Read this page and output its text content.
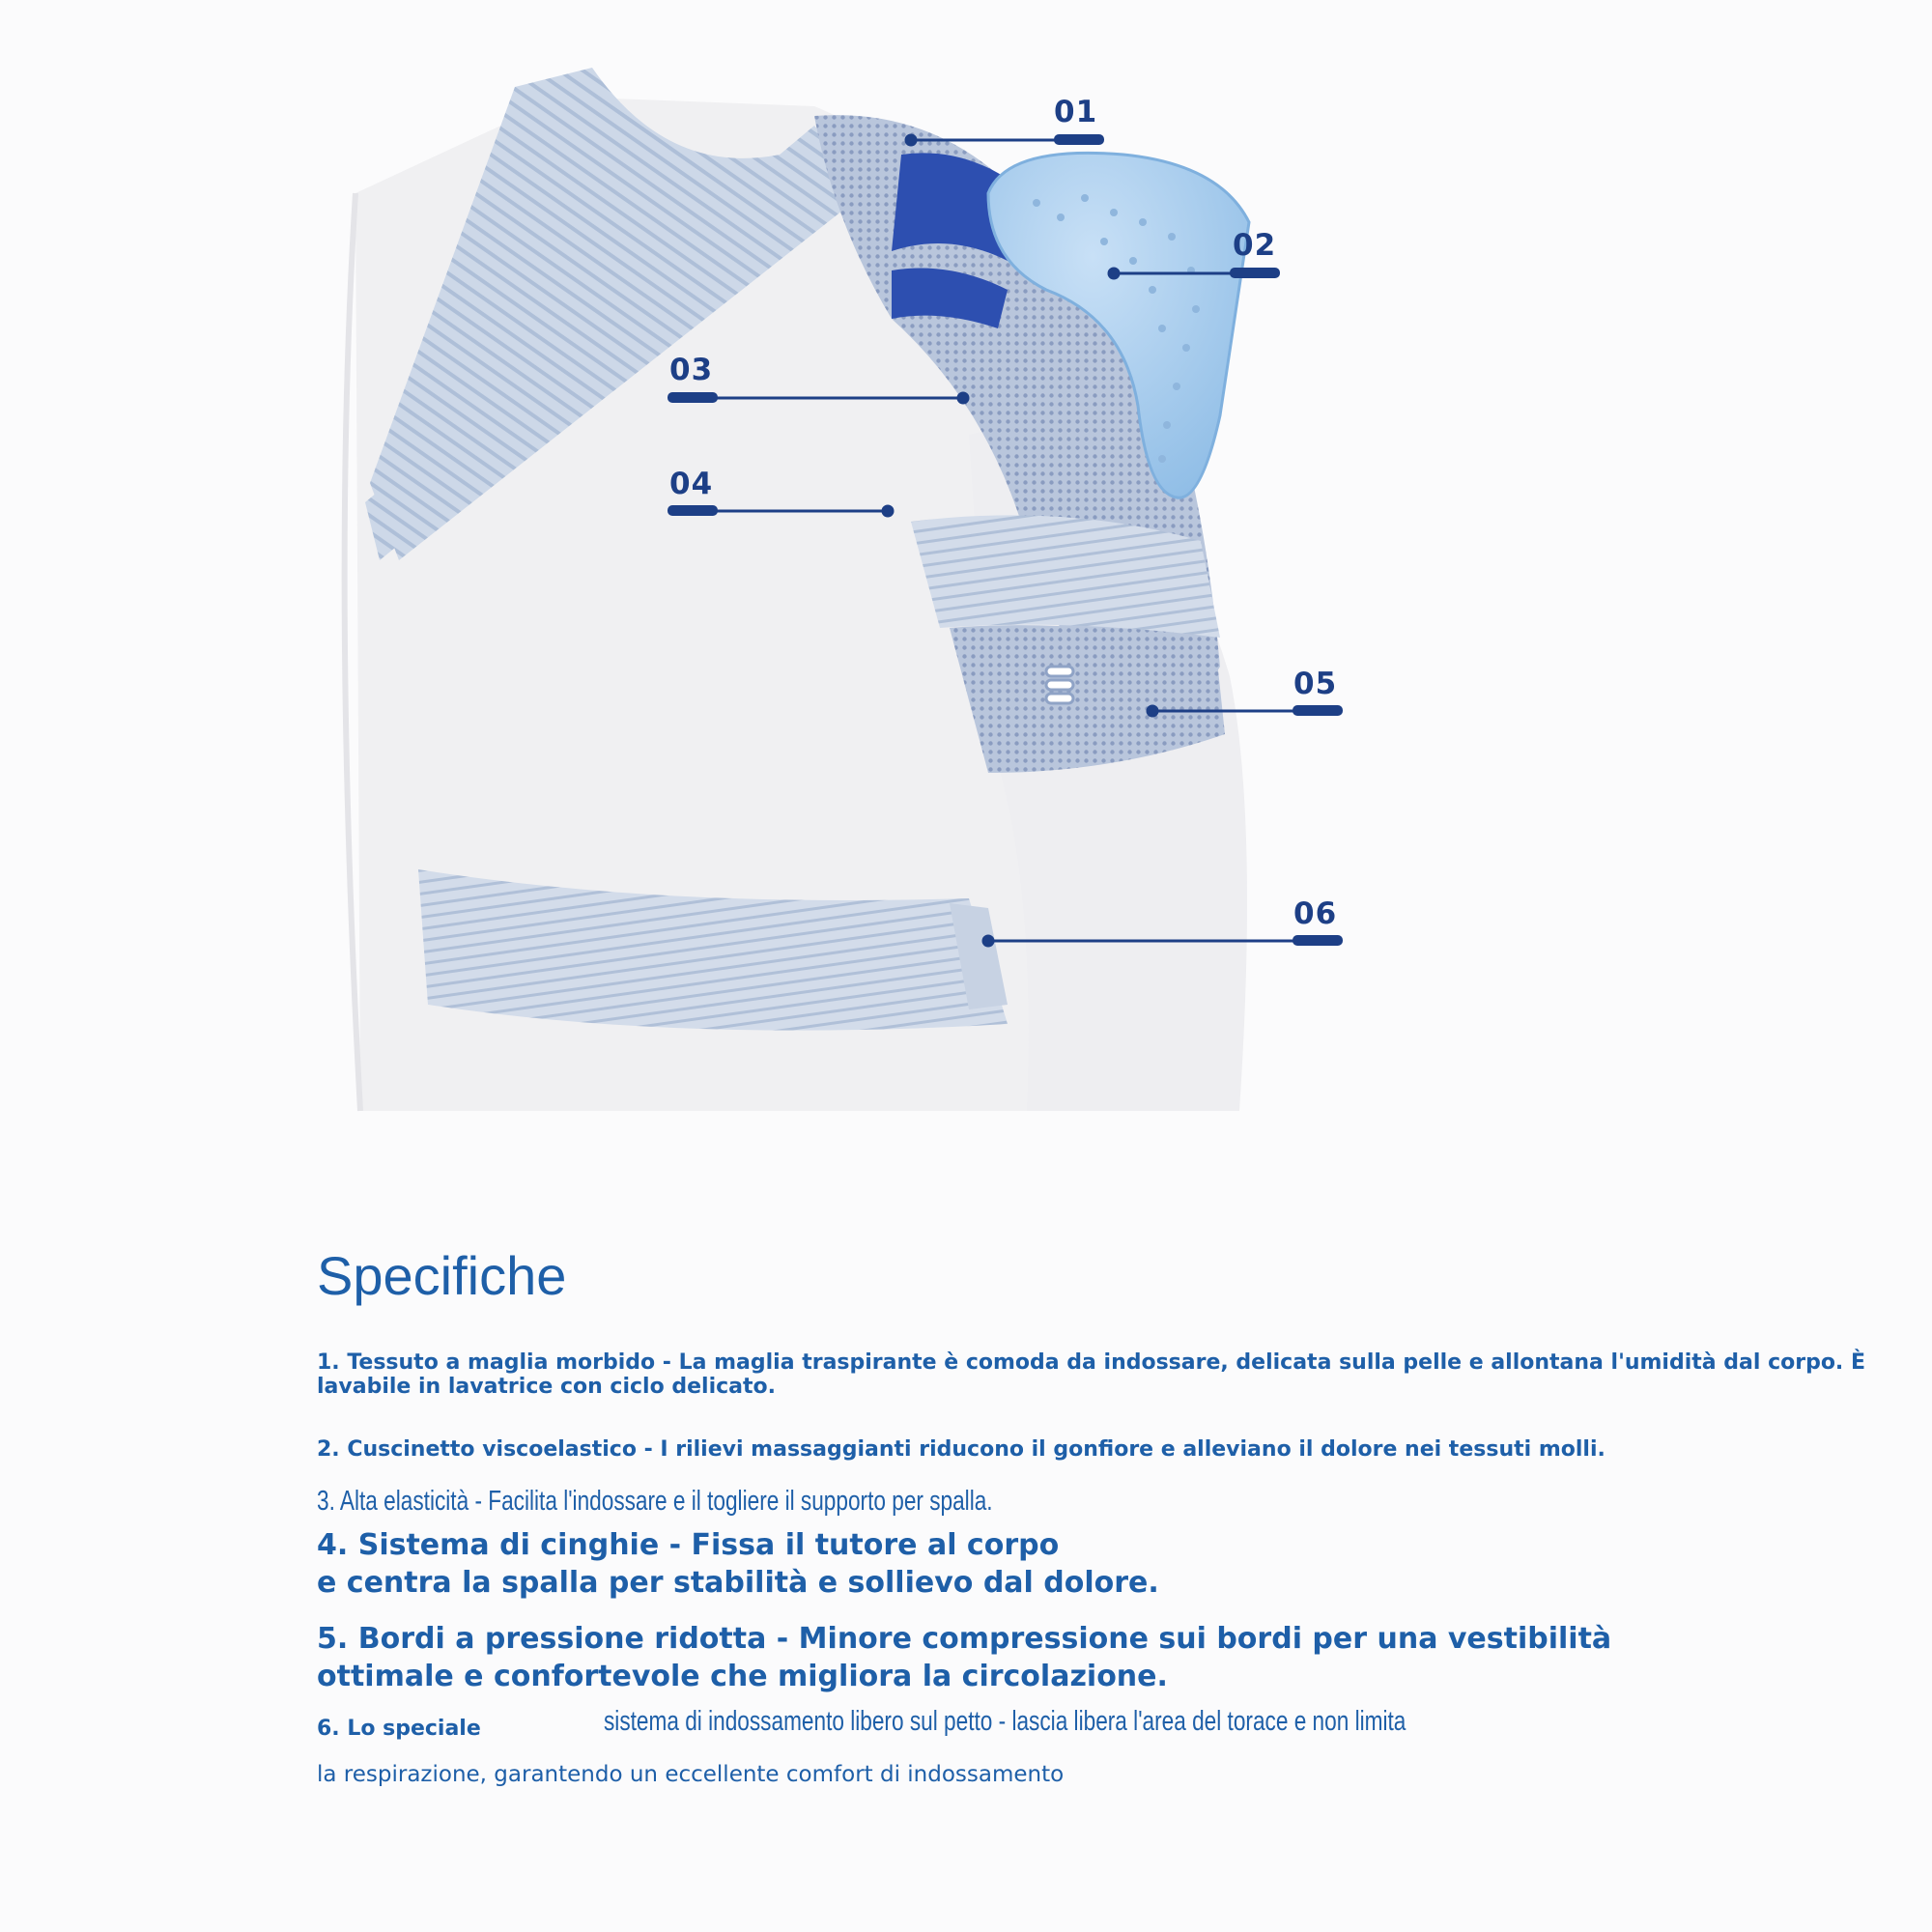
01
02
03
04
05
06
Specifiche
1. Tessuto a maglia morbido - La maglia traspirante è comoda da indossare, delicata sulla pelle e allontana l'umidità dal corpo. È
lavabile in lavatrice con ciclo delicato.
2. Cuscinetto viscoelastico - I rilievi massaggianti riducono il gonfiore e alleviano il dolore nei tessuti molli.
3. Alta elasticità - Facilita l'indossare e il togliere il supporto per spalla.
4. Sistema di cinghie - Fissa il tutore al corpo
e centra la spalla per stabilità e sollievo dal dolore.
5. Bordi a pressione ridotta - Minore compressione sui bordi per una vestibilità
ottimale e confortevole che migliora la circolazione.
6. Lo speciale	sistema di indossamento libero sul petto - lascia libera l'area del torace e non limita
la respirazione, garantendo un eccellente comfort di indossamento
